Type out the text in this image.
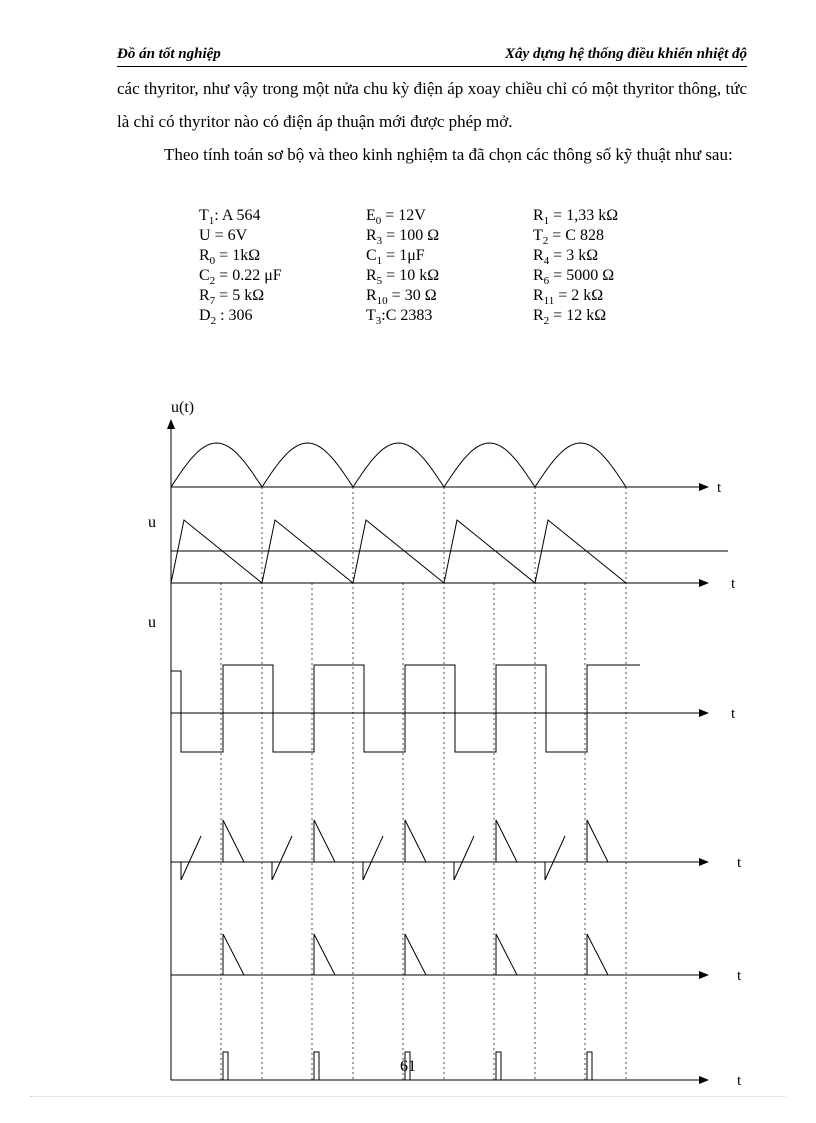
Đồ án tốt nghiệp	Xây dựng hệ thống điều khiển nhiệt độ
các thyritor, như vậy trong một nửa chu kỳ điện áp xoay chiều chỉ có một thyritor thông, tức là chỉ có thyritor nào có điện áp thuận mới được phép mở.
Theo tính toán sơ bộ và theo kinh nghiệm ta đã chọn các thông số kỹ thuật như sau:
$T_1$: A 564	$E_0 = 12V$	$R_1 = 1,33$ kΩ
U = 6V	$R_3 = 100$ Ω	$T_2 = C$ 828
$R_0 = 1k\Omega$	$C_1 = 1\mu F$	$R_4 = 3$ kΩ
$C_2 = 0.22$ μF	$R_5 = 10$ kΩ	$R_6 = 5000$ Ω
$R_7 = 5$ kΩ	$R_{10} = 30$ Ω	$R_{11} = 2$ kΩ
$D_2$ : 306	$T_3:C$ 2383	$R_2 = 12$ kΩ
u(t)
u
u
t
t
t
t
t
t
61
